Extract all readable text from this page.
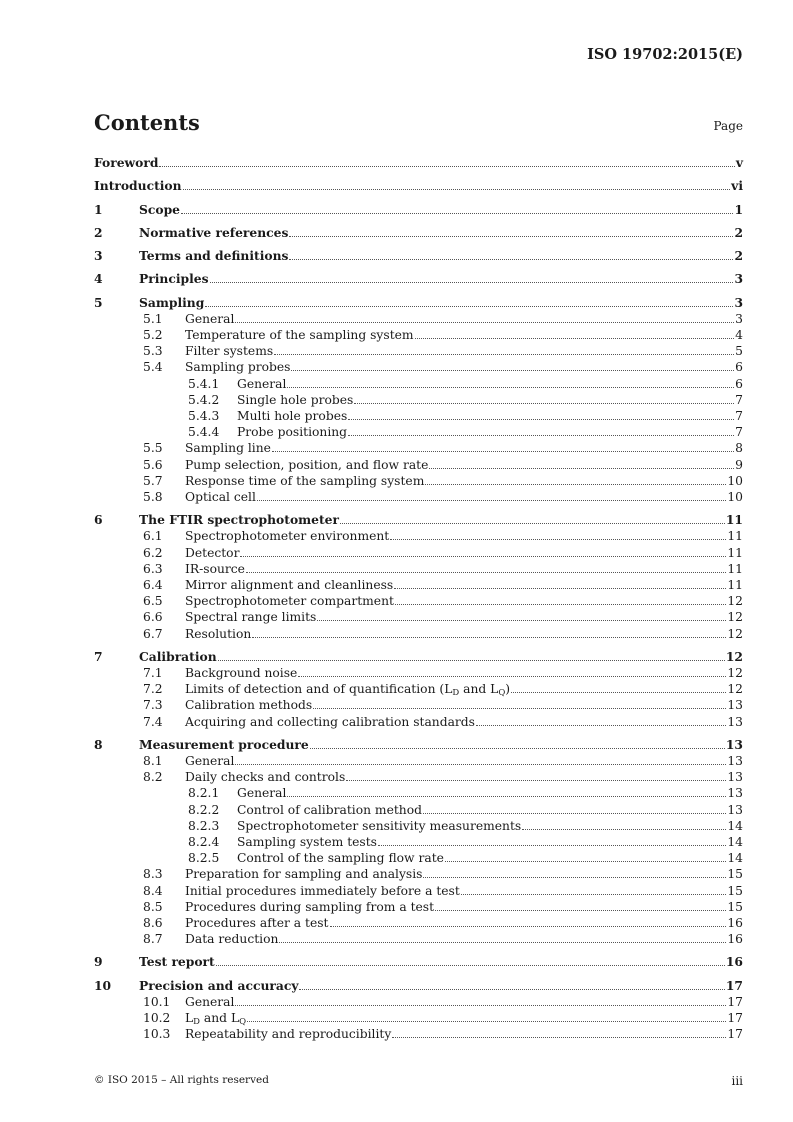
ISO 19702:2015(E)
Contents	Page
Foreword	v
Introduction	vi
1	Scope	1
2	Normative references	2
3	Terms and definitions	2
4	Principles	3
5	Sampling	3
5.1 General	3
5.2 Temperature of the sampling system	4
5.3 Filter systems	5
5.4 Sampling probes	6
5.4.1 General	6
5.4.2 Single hole probes	7
5.4.3 Multi hole probes	7
5.4.4 Probe positioning	7
5.5 Sampling line	8
5.6 Pump selection, position, and flow rate	9
5.7 Response time of the sampling system	10
5.8 Optical cell	10
6	The FTIR spectrophotometer	11
6.1 Spectrophotometer environment	11
6.2 Detector	11
6.3 IR-source	11
6.4 Mirror alignment and cleanliness	11
6.5 Spectrophotometer compartment	12
6.6 Spectral range limits	12
6.7 Resolution	12
7	Calibration	12
7.1 Background noise	12
7.2 Limits of detection and of quantification ($L_D$ and $L_Q$)	12
7.3 Calibration methods	13
7.4 Acquiring and collecting calibration standards	13
8	Measurement procedure	13
8.1 General	13
8.2 Daily checks and controls	13
8.2.1 General	13
8.2.2 Control of calibration method	13
8.2.3 Spectrophotometer sensitivity measurements	14
8.2.4 Sampling system tests	14
8.2.5 Control of the sampling flow rate	14
8.3 Preparation for sampling and analysis	15
8.4 Initial procedures immediately before a test	15
8.5 Procedures during sampling from a test	15
8.6 Procedures after a test	16
8.7 Data reduction	16
9	Test report	16
10 Precision and accuracy	17
10.1 General	17
10.2 $L_D$ and $L_Q$	17
10.3 Repeatability and reproducibility	17
© ISO 2015 – All rights reserved	iii
